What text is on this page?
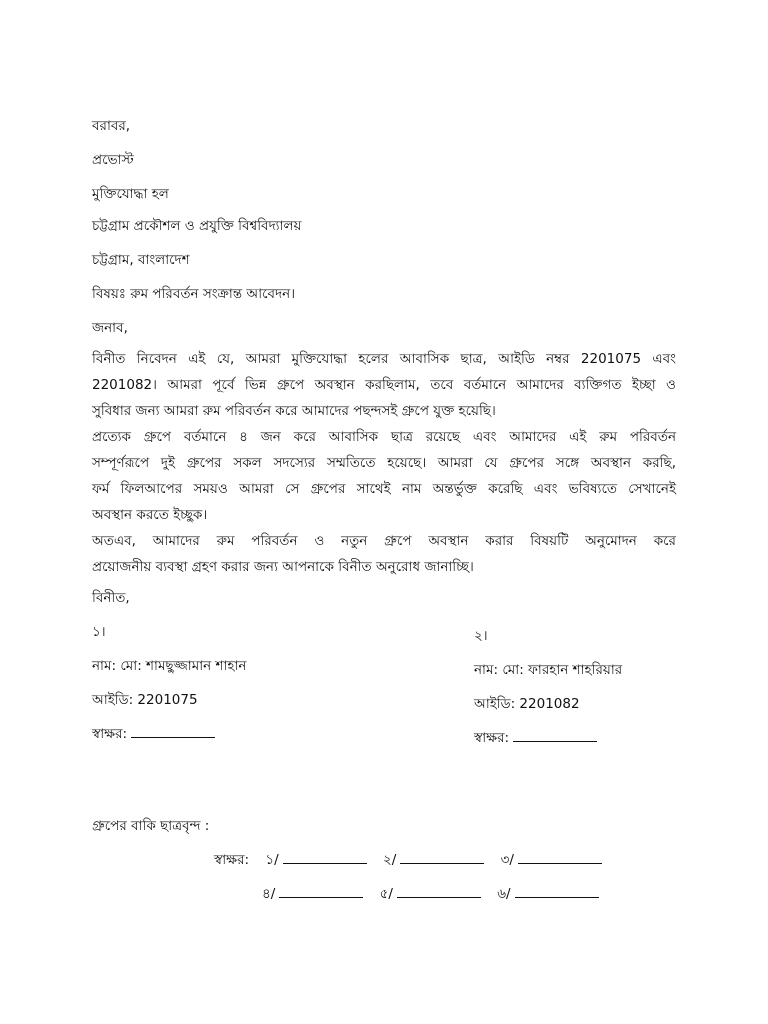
বরাবর,
প্রভোস্ট
মুক্তিযোদ্ধা হল
চট্টগ্রাম প্রকৌশল ও প্রযুক্তি বিশ্ববিদ্যালয়
চট্টগ্রাম, বাংলাদেশ
বিষয়ঃ রুম পরিবর্তন সংক্রান্ত আবেদন।
জনাব,
বিনীত নিবেদন এই যে, আমরা মুক্তিযোদ্ধা হলের আবাসিক ছাত্র, আইডি নম্বর 2201075 এবং
2201082। আমরা পূর্বে ভিন্ন গ্রুপে অবস্থান করছিলাম, তবে বর্তমানে আমাদের ব্যক্তিগত ইচ্ছা ও
সুবিধার জন্য আমরা রুম পরিবর্তন করে আমাদের পছন্দসই গ্রুপে যুক্ত হয়েছি।
প্রত্যেক গ্রুপে বর্তমানে ৪ জন করে আবাসিক ছাত্র রয়েছে এবং আমাদের এই রুম পরিবর্তন
সম্পূর্ণরূপে দুই গ্রুপের সকল সদস্যের সম্মতিতে হয়েছে। আমরা যে গ্রুপের সঙ্গে অবস্থান করছি,
ফর্ম ফিলআপের সময়ও আমরা সে গ্রুপের সাথেই নাম অন্তর্ভুক্ত করেছি এবং ভবিষ্যতে সেখানেই
অবস্থান করতে ইচ্ছুক।
অতএব, আমাদের রুম পরিবর্তন ও নতুন গ্রুপে অবস্থান করার বিষয়টি অনুমোদন করে
প্রয়োজনীয় ব্যবস্থা গ্রহণ করার জন্য আপনাকে বিনীত অনুরোধ জানাচ্ছি।
বিনীত,
১।
নাম: মো: শামছুজ্জামান শাহান
আইডি: 2201075
স্বাক্ষর:
২।
নাম: মো: ফারহান শাহরিয়ার
আইডি: 2201082
স্বাক্ষর:
গ্রুপের বাকি ছাত্রবৃন্দ :
স্বাক্ষর: ১/	২/	৩/
৪/	৫/	৬/
